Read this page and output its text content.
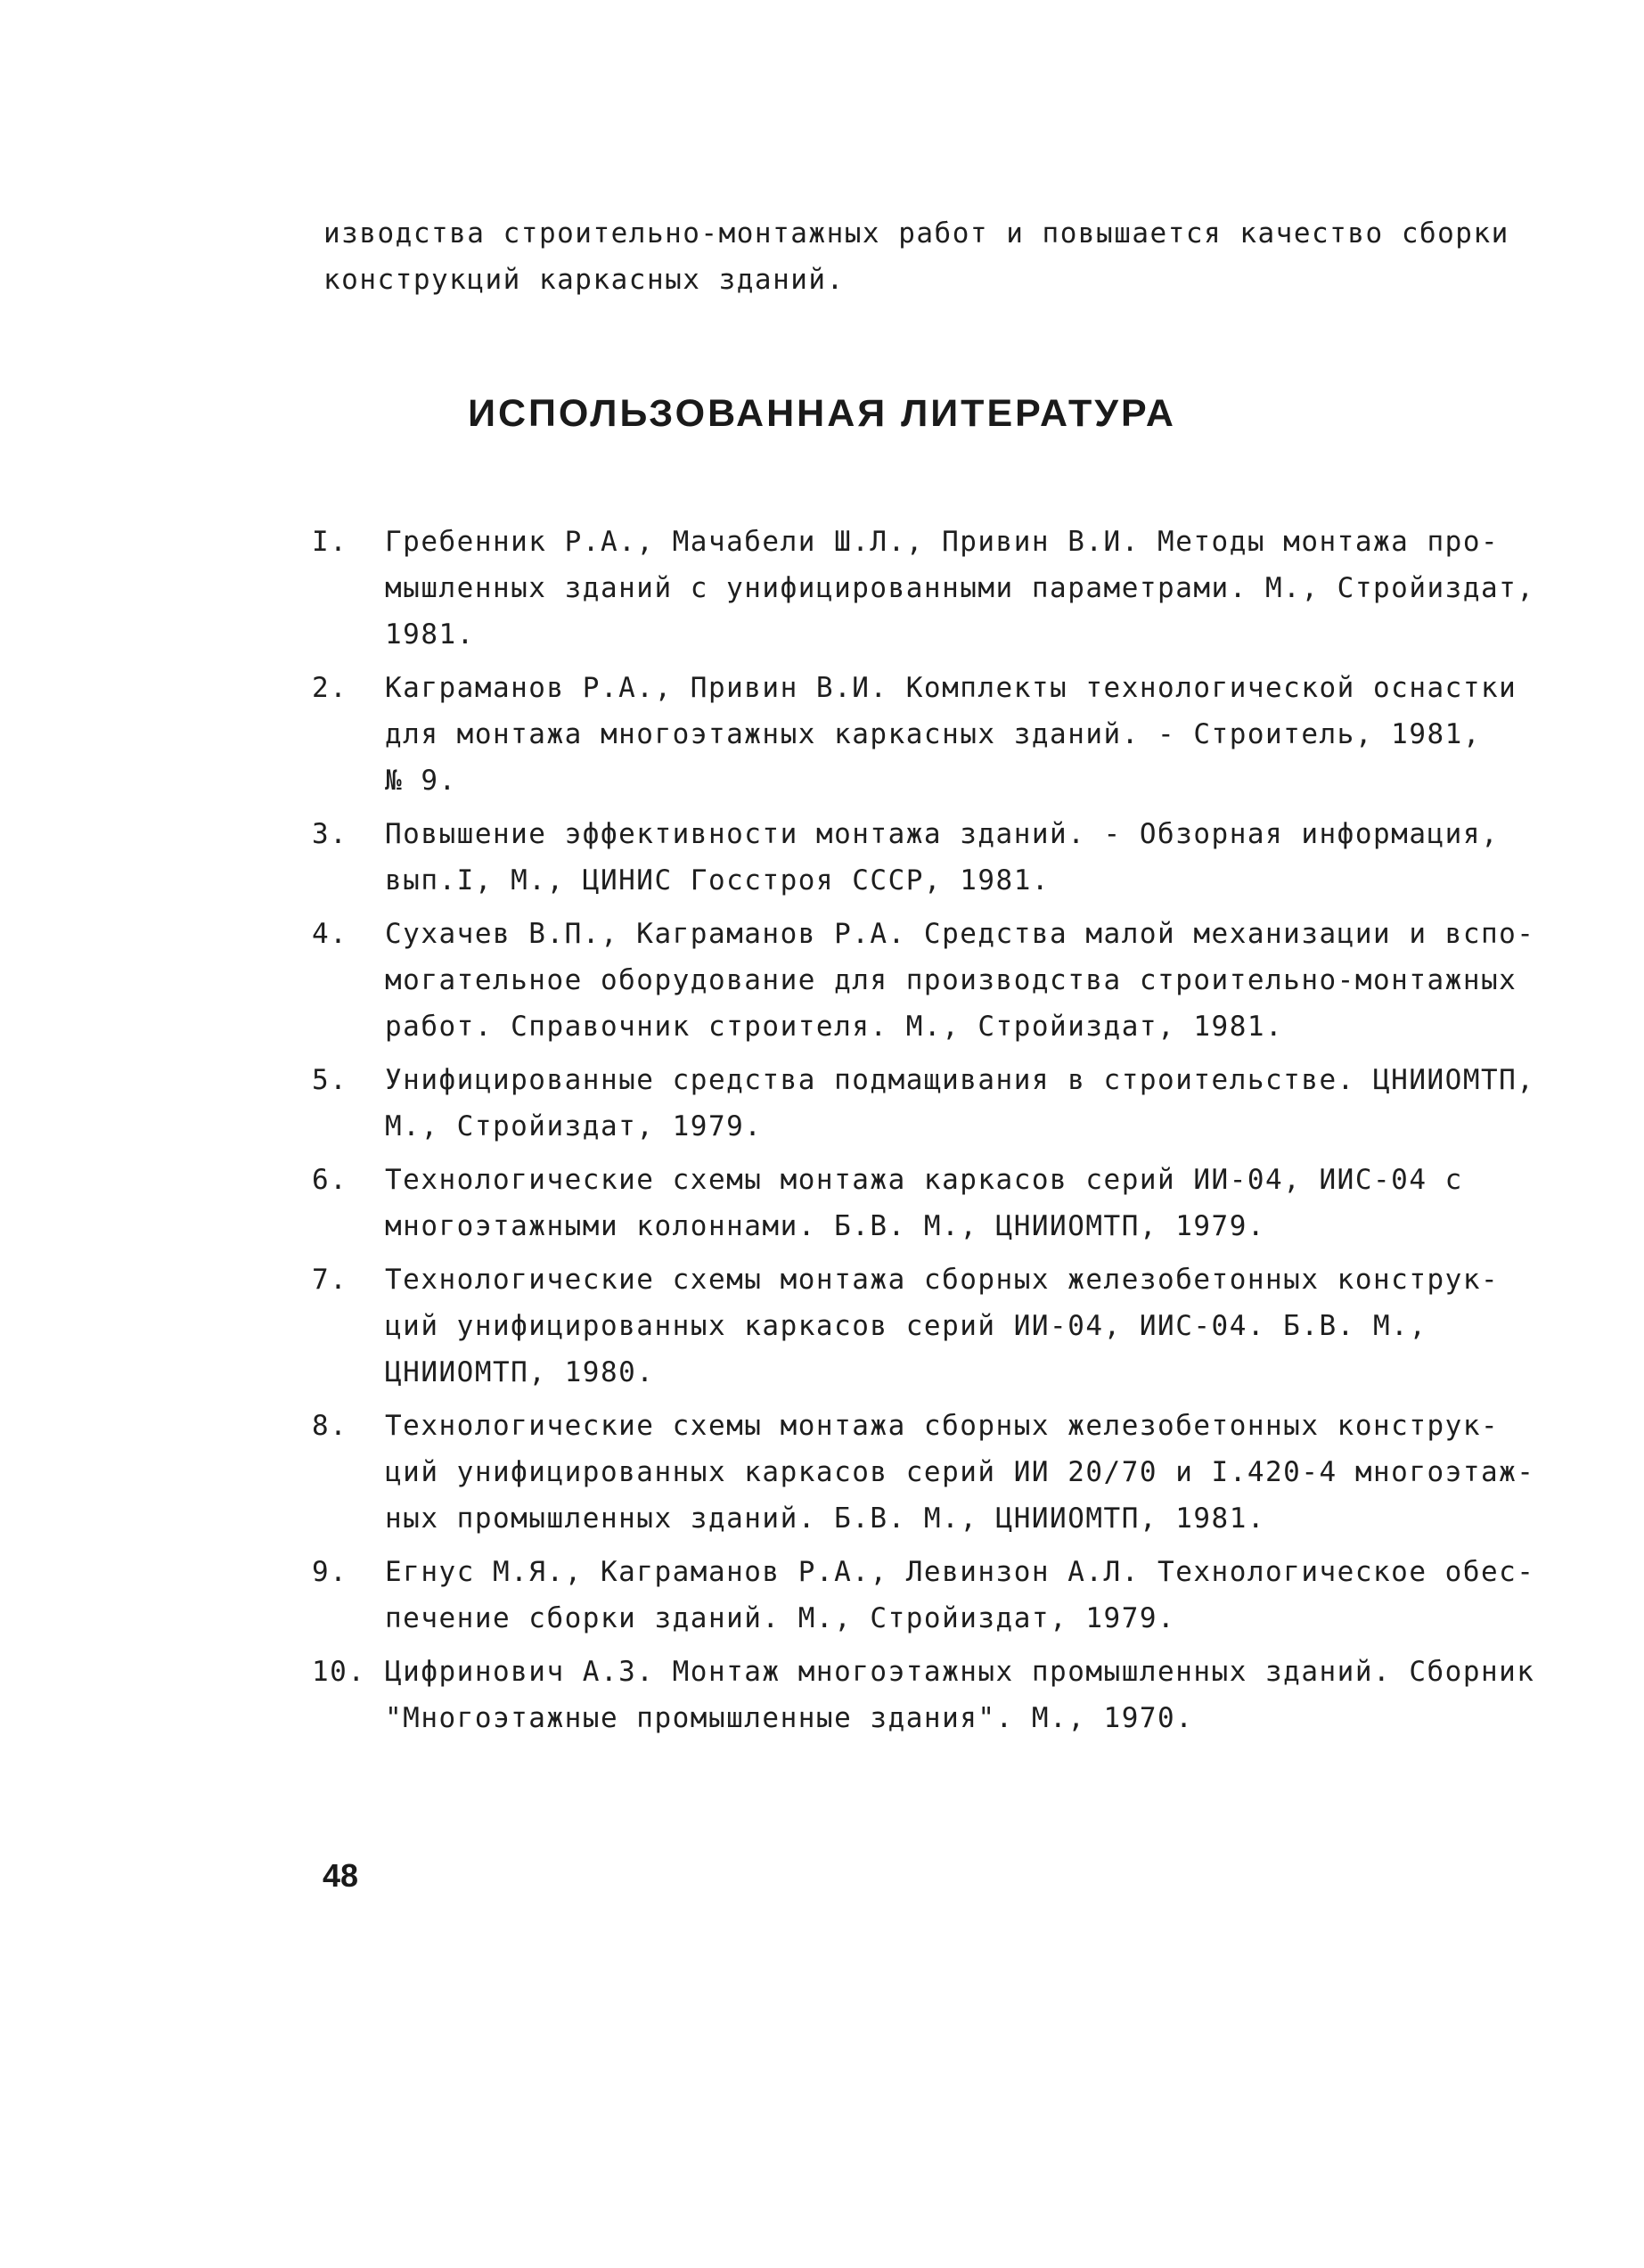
изводства строительно-монтажных работ и повышается качество сборки
конструкций каркасных зданий.
ИСПОЛЬЗОВАННАЯ ЛИТЕРАТУРА
I.	Гребенник Р.А., Мачабели Ш.Л., Привин В.И. Методы монтажа про-
мышленных зданий с унифицированными параметрами. М., Стройиздат,
1981.
2.	Каграманов Р.А., Привин В.И. Комплекты технологической оснастки
для монтажа многоэтажных каркасных зданий. - Строитель, 1981,
№ 9.
3.	Повышение эффективности монтажа зданий. - Обзорная информация,
вып.I, М., ЦИНИС Госстроя СССР, 1981.
4.	Сухачев В.П., Каграманов Р.А. Средства малой механизации и вспо-
могательное оборудование для производства строительно-монтажных
работ. Справочник строителя. М., Стройиздат, 1981.
5.	Унифицированные средства подмащивания в строительстве. ЦНИИОМТП,
М., Стройиздат, 1979.
6.	Технологические схемы монтажа каркасов серий ИИ-04, ИИС-04 с
многоэтажными колоннами. Б.В. М., ЦНИИОМТП, 1979.
7.	Технологические схемы монтажа сборных железобетонных конструк-
ций унифицированных каркасов серий ИИ-04, ИИС-04. Б.В. М.,
ЦНИИОМТП, 1980.
8.	Технологические схемы монтажа сборных железобетонных конструк-
ций унифицированных каркасов серий ИИ 20/70 и I.420-4 многоэтаж-
ных промышленных зданий. Б.В. М., ЦНИИОМТП, 1981.
9.	Егнус М.Я., Каграманов Р.А., Левинзон А.Л. Технологическое обес-
печение сборки зданий. М., Стройиздат, 1979.
10. Цифринович А.З. Монтаж многоэтажных промышленных зданий. Сборник
"Многоэтажные промышленные здания". М., 1970.
48
